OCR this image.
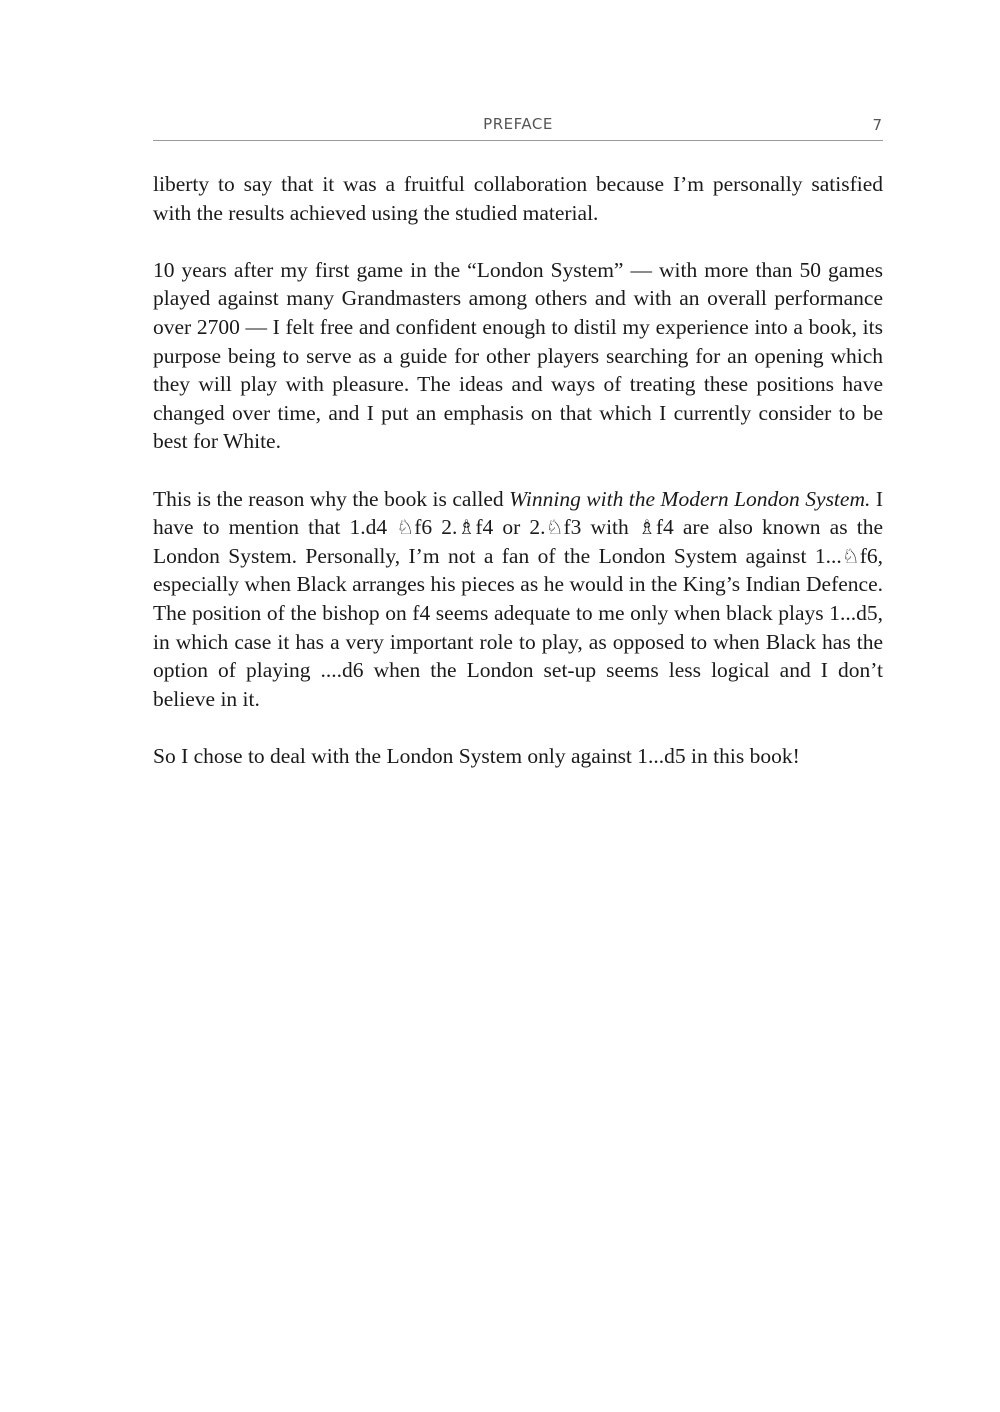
PREFACE	7

liberty to say that it was a fruitful collaboration because I’m personally satisfied with the results achieved using the studied material.

10 years after my first game in the “London System” — with more than 50 games played against many Grandmasters among others and with an overall performance over 2700 — I felt free and confident enough to distil my experience into a book, its purpose being to serve as a guide for other players searching for an opening which they will play with pleasure. The ideas and ways of treating these positions have changed over time, and I put an emphasis on that which I currently consider to be best for White.

This is the reason why the book is called Winning with the Modern London System. I have to mention that 1.d4 ♘f6 2.♗f4 or 2.♘f3 with ♗f4 are also known as the London System. Personally, I’m not a fan of the London System against 1...♘f6, especially when Black arranges his pieces as he would in the King’s Indian Defence. The position of the bishop on f4 seems adequate to me only when black plays 1...d5, in which case it has a very important role to play, as opposed to when Black has the option of playing ....d6 when the London set-up seems less logical and I don’t believe in it.

So I chose to deal with the London System only against 1...d5 in this book!
